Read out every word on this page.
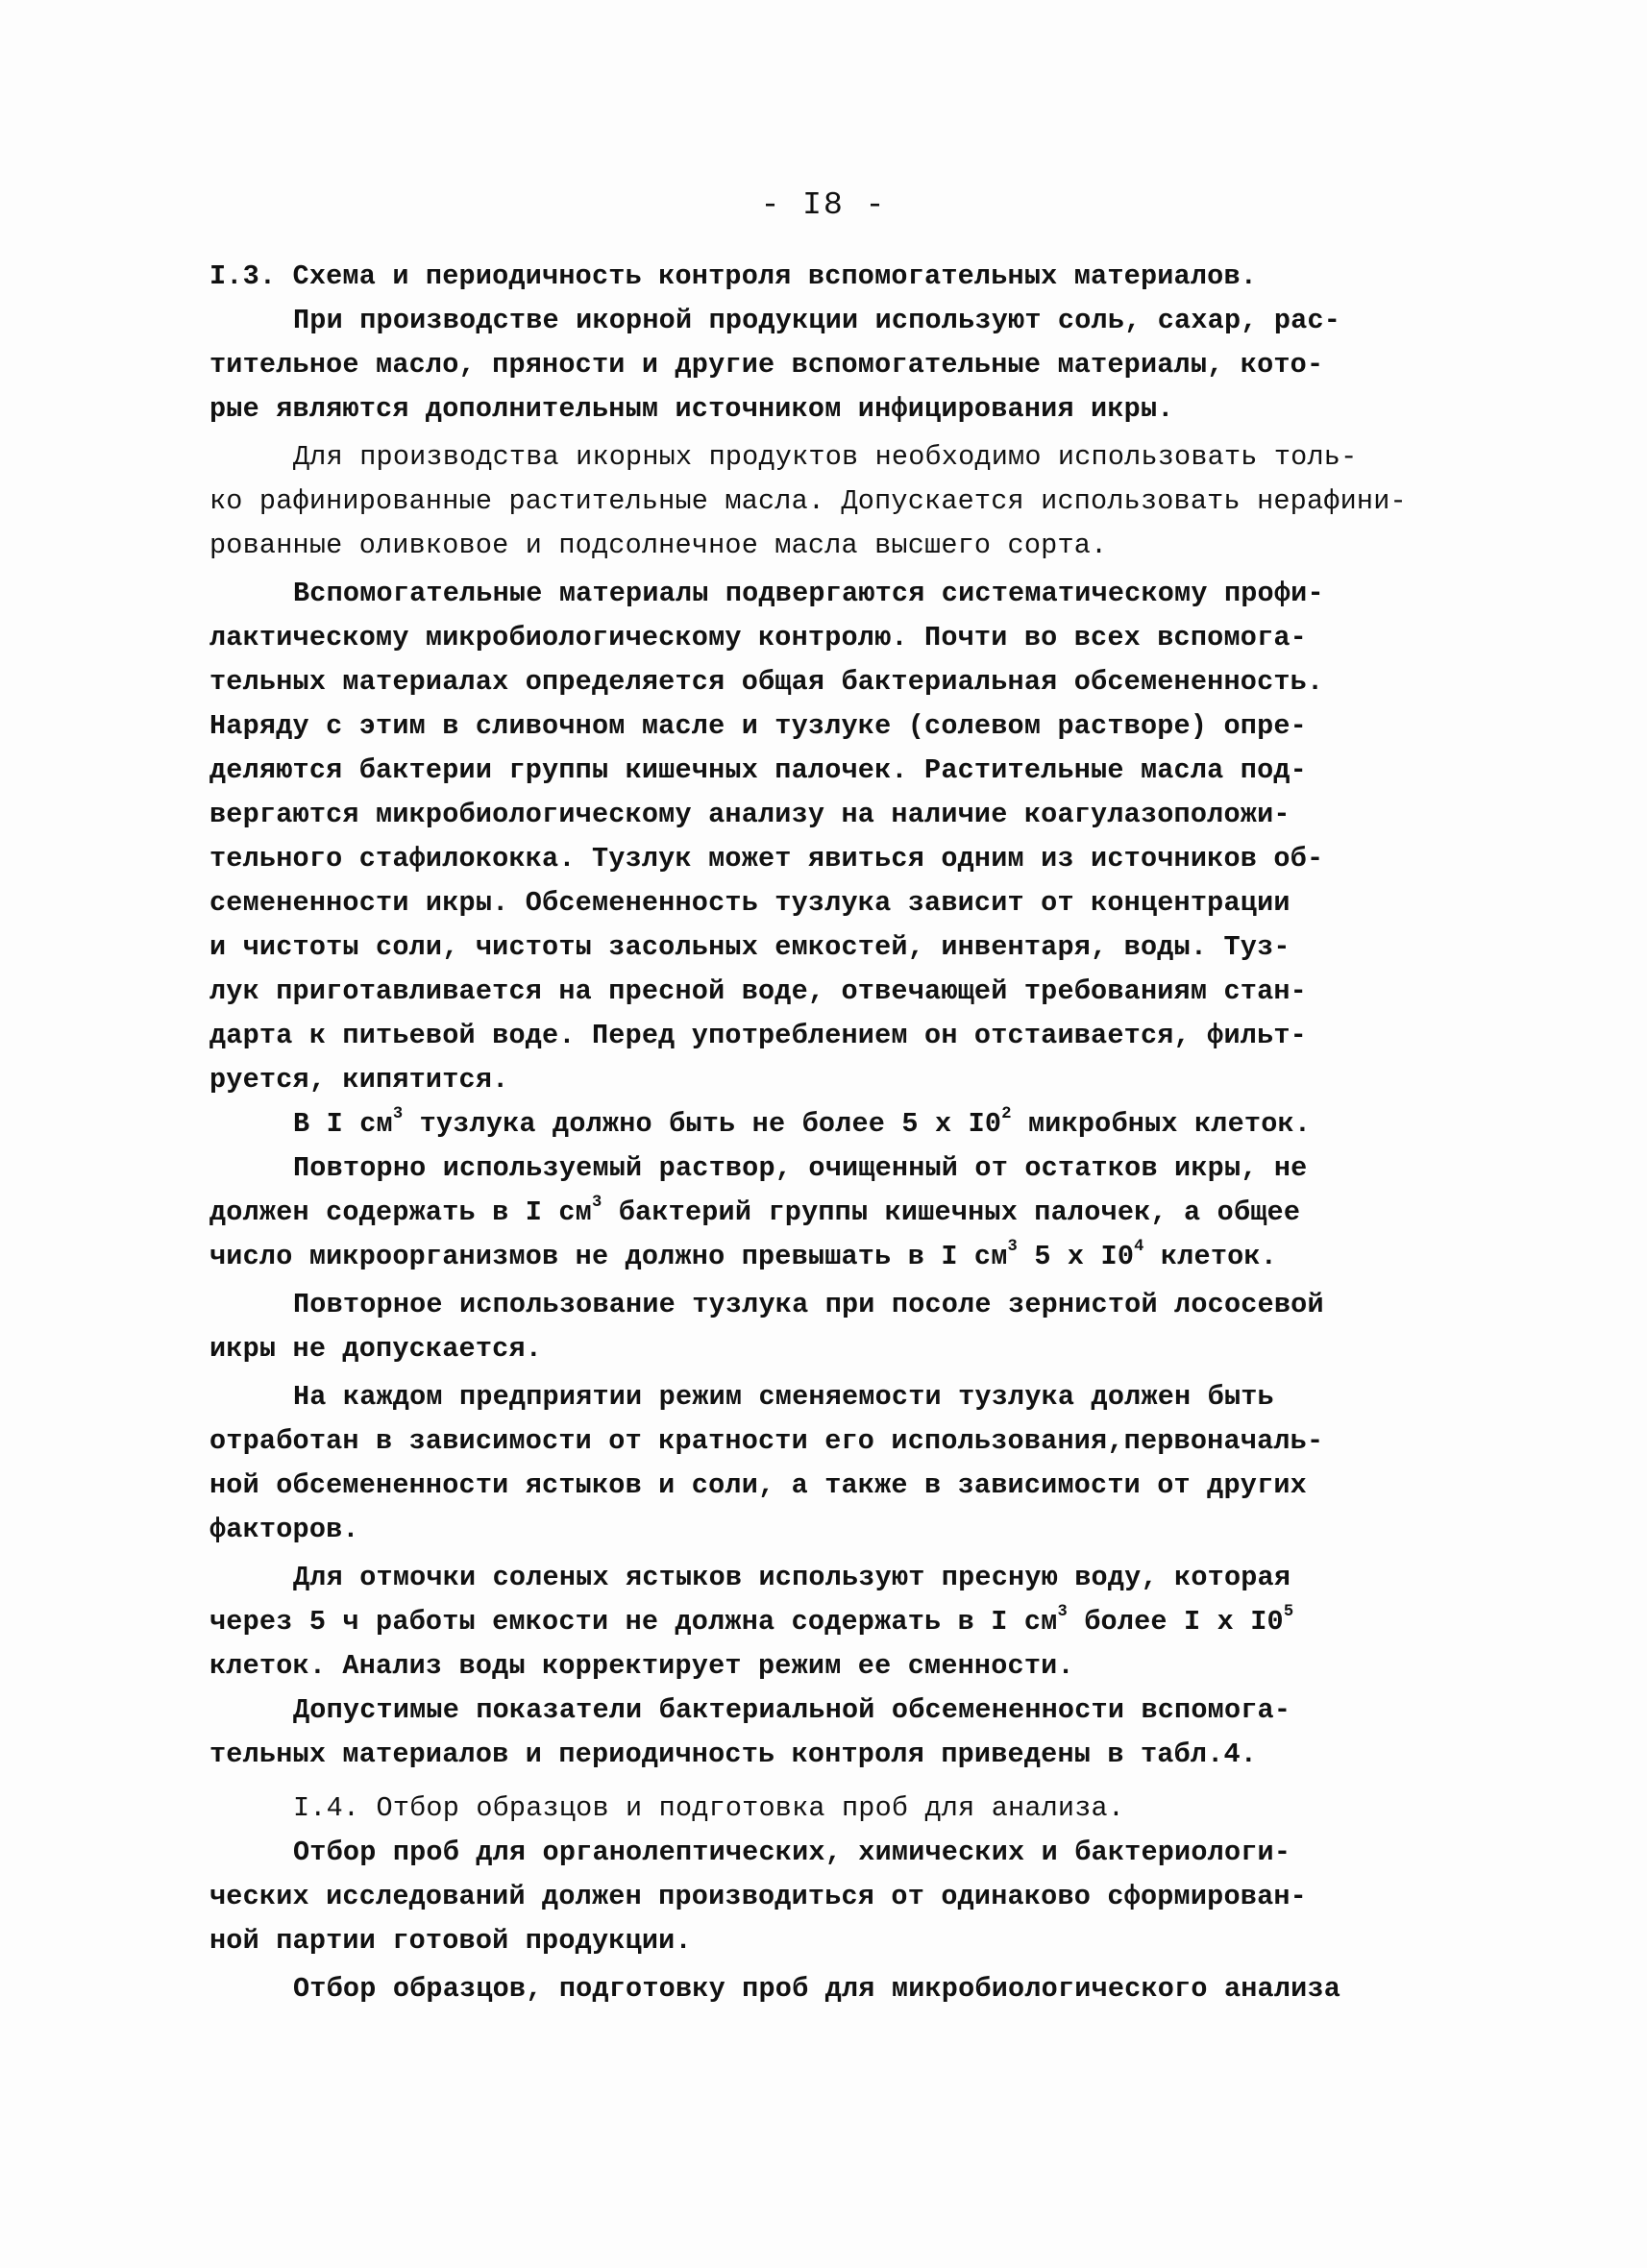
- I8 -
I.3. Схема и периодичность контроля вспомогательных материалов.
При производстве икорной продукции используют соль, сахар, рас-
тительное масло, пряности и другие вспомогательные материалы, кото-
рые являются дополнительным источником инфицирования икры.
Для производства икорных продуктов необходимо использовать толь-
ко рафинированные растительные масла. Допускается использовать нерафини-
рованные оливковое и подсолнечное масла высшего сорта.
Вспомогательные материалы подвергаются систематическому профи-
лактическому микробиологическому контролю. Почти во всех вспомога-
тельных материалах определяется общая бактериальная обсемененность.
Наряду с этим в сливочном масле и тузлуке (солевом растворе) опре-
деляются бактерии группы кишечных палочек. Растительные масла под-
вергаются микробиологическому анализу на наличие коагулазоположи-
тельного стафилококка. Тузлук может явиться одним из источников об-
семененности икры. Обсемененность тузлука зависит от концентрации
и чистоты соли, чистоты засольных емкостей, инвентаря, воды. Туз-
лук приготавливается на пресной воде, отвечающей требованиям стан-
дарта к питьевой воде. Перед употреблением он отстаивается, фильт-
руется, кипятится.
В I $см^3$ тузлука должно быть не более 5 х $I0^2$ микробных клеток.
Повторно используемый раствор, очищенный от остатков икры, не
должен содержать в I $см^3$ бактерий группы кишечных палочек, а общее
число микроорганизмов не должно превышать в I $см^3$ 5 х $I0^4$ клеток.
Повторное использование тузлука при посоле зернистой лососевой
икры не допускается.
На каждом предприятии режим сменяемости тузлука должен быть
отработан в зависимости от кратности его использования,первоначаль-
ной обсемененности ястыков и соли, а также в зависимости от других
факторов.
Для отмочки соленых ястыков используют пресную воду, которая
через 5 ч работы емкости не должна содержать в I $см^3$ более I х $I0^5$
клеток. Анализ воды корректирует режим ее сменности.
Допустимые показатели бактериальной обсемененности вспомога-
тельных материалов и периодичность контроля приведены в табл.4.
I.4. Отбор образцов и подготовка проб для анализа.
Отбор проб для органолептических, химических и бактериологи-
ческих исследований должен производиться от одинаково сформирован-
ной партии готовой продукции.
Отбор образцов, подготовку проб для микробиологического анализа
